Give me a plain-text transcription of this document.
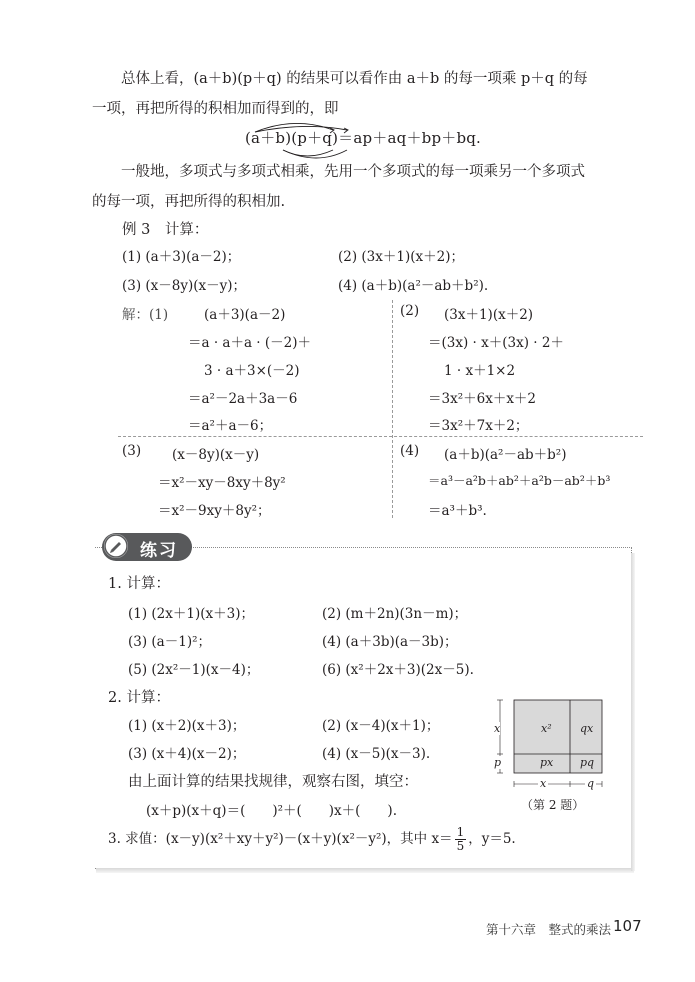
总体上看，(a＋b)(p＋q) 的结果可以看作由 a＋b 的每一项乘 p＋q 的每

一项，再把所得的积相加而得到的，即
(a＋b)(p＋q)＝ap＋aq＋bp＋bq.

一般地，多项式与多项式相乘，先用一个多项式的每一项乘另一个多项式

的每一项，再把所得的积相加.
例 3　计算：
(1) (a＋3)(a－2)；	(2) (3x＋1)(x＋2)；
(3) (x－8y)(x－y)；	(4) (a＋b)(a²－ab＋b²).
解：(1)	(a＋3)(a－2)
＝a · a＋a · (－2)＋
3 · a＋3×(－2)
＝a²－2a＋3a－6
＝a²＋a－6；
(2) (3x＋1)(x＋2)
＝(3x) · x＋(3x) · 2＋
1 · x＋1×2
＝3x²＋6x＋x＋2
＝3x²＋7x＋2；
(3) (x－8y)(x－y)
＝x²－xy－8xy＋8y²
＝x²－9xy＋8y²；
(4) (a＋b)(a²－ab＋b²)
＝a³－a²b＋ab²＋a²b－ab²＋b³
＝a³＋b³.
练习
1. 计算：
(1) (2x＋1)(x＋3)；	(2) (m＋2n)(3n－m)；
(3) (a－1)²；	(4) (a＋3b)(a－3b)；
(5) (2x²－1)(x－4)；	(6) (x²＋2x＋3)(2x－5).
2. 计算：
(1) (x＋2)(x＋3)；	(2) (x－4)(x＋1)；
(3) (x＋4)(x－2)；	(4) (x－5)(x－3).
由上面计算的结果找规律，观察右图，填空：
(x＋p)(x＋q)＝(　　)²＋(　　)x＋(　　).
x²	qx
px pq
x
p
x	q
（第 2 题）
3. 求值：(x－y)(x²＋xy＋y²)－(x＋y)(x²－y²)，其中 $x= \frac{1}{5}$ ，y＝5.
第十六章　整式的乘法 107
